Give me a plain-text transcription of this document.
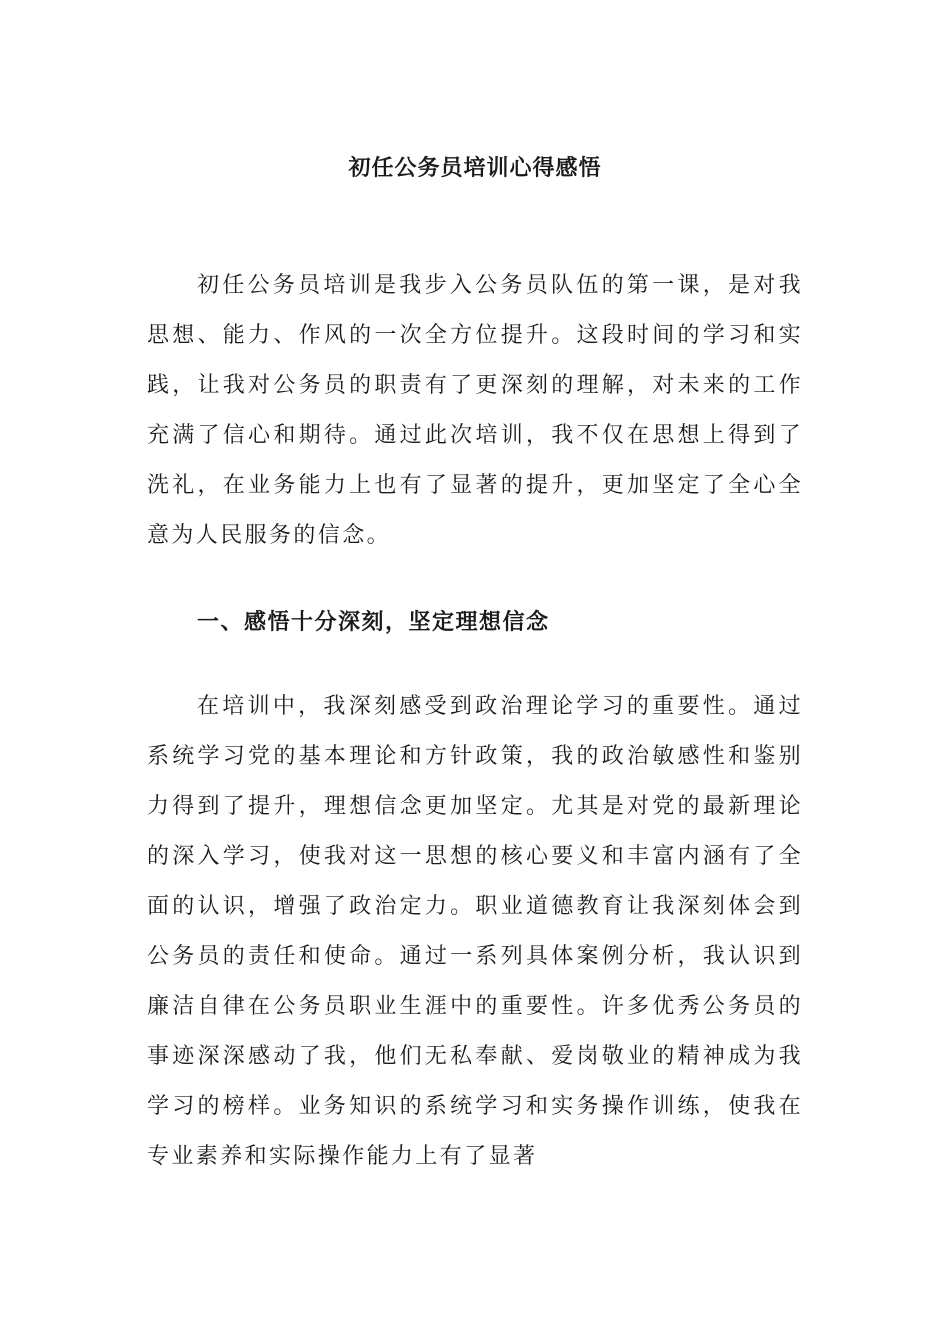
初任公务员培训心得感悟

初任公务员培训是我步入公务员队伍的第一课，是对我思想、能力、作风的一次全方位提升。这段时间的学习和实践，让我对公务员的职责有了更深刻的理解，对未来的工作充满了信心和期待。通过此次培训，我不仅在思想上得到了洗礼，在业务能力上也有了显著的提升，更加坚定了全心全意为人民服务的信念。

一、感悟十分深刻，坚定理想信念

在培训中，我深刻感受到政治理论学习的重要性。通过系统学习党的基本理论和方针政策，我的政治敏感性和鉴别力得到了提升，理想信念更加坚定。尤其是对党的最新理论的深入学习，使我对这一思想的核心要义和丰富内涵有了全面的认识，增强了政治定力。职业道德教育让我深刻体会到公务员的责任和使命。通过一系列具体案例分析，我认识到廉洁自律在公务员职业生涯中的重要性。许多优秀公务员的事迹深深感动了我，他们无私奉献、爱岗敬业的精神成为我学习的榜样。业务知识的系统学习和实务操作训练，使我在专业素养和实际操作能力上有了显著
